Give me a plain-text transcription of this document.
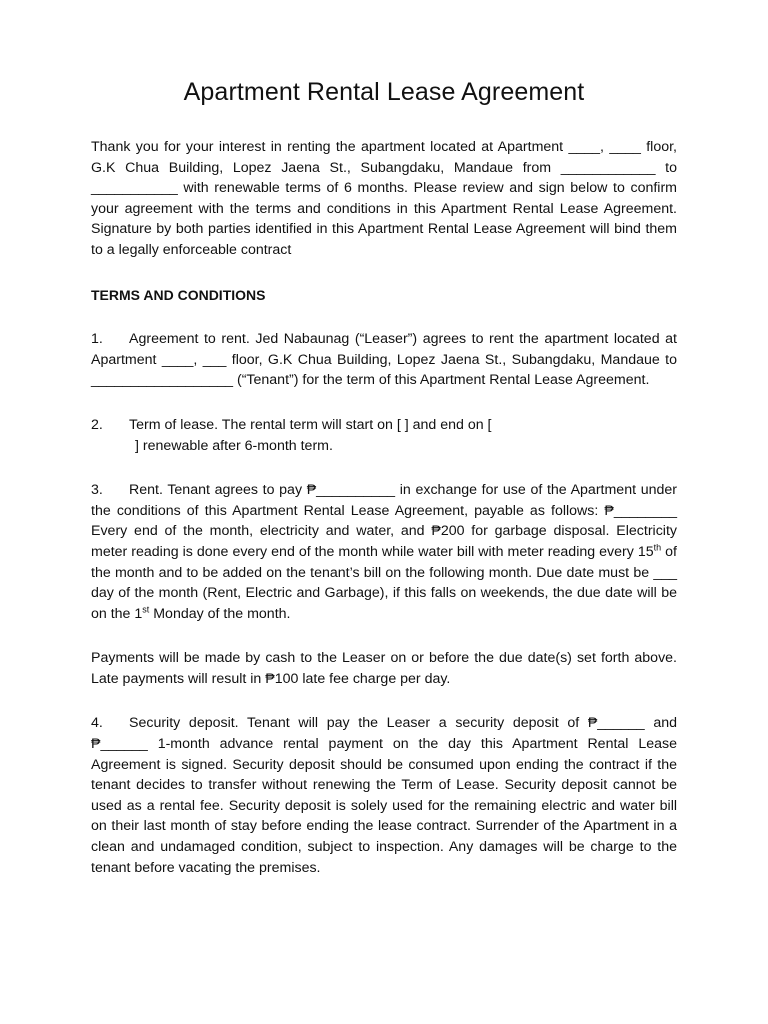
Apartment Rental Lease Agreement

Thank you for your interest in renting the apartment located at Apartment ____, ____ floor, G.K Chua Building, Lopez Jaena St., Subangdaku, Mandaue from ____________ to ___________ with renewable terms of 6 months. Please review and sign below to confirm your agreement with the terms and conditions in this Apartment Rental Lease Agreement. Signature by both parties identified in this Apartment Rental Lease Agreement will bind them to a legally enforceable contract

TERMS AND CONDITIONS

1. Agreement to rent. Jed Nabaunag (“Leaser”) agrees to rent the apartment located at Apartment ____, ___ floor, G.K Chua Building, Lopez Jaena St., Subangdaku, Mandaue to __________________ (“Tenant”) for the term of this Apartment Rental Lease Agreement.

2. Term of lease. The rental term will start on [ ] and end on [
] renewable after 6-month term.

3. Rent. Tenant agrees to pay ₱__________ in exchange for use of the Apartment under the conditions of this Apartment Rental Lease Agreement, payable as follows: ₱________ Every end of the month, electricity and water, and ₱200 for garbage disposal. Electricity meter reading is done every end of the month while water bill with meter reading every 15th of the month and to be added on the tenant’s bill on the following month. Due date must be ___ day of the month (Rent, Electric and Garbage), if this falls on weekends, the due date will be on the 1st Monday of the month.

Payments will be made by cash to the Leaser on or before the due date(s) set forth above. Late payments will result in ₱100 late fee charge per day.

4. Security deposit. Tenant will pay the Leaser a security deposit of ₱______ and ₱______ 1-month advance rental payment on the day this Apartment Rental Lease Agreement is signed. Security deposit should be consumed upon ending the contract if the tenant decides to transfer without renewing the Term of Lease. Security deposit cannot be used as a rental fee. Security deposit is solely used for the remaining electric and water bill on their last month of stay before ending the lease contract. Surrender of the Apartment in a clean and undamaged condition, subject to inspection. Any damages will be charge to the tenant before vacating the premises.
